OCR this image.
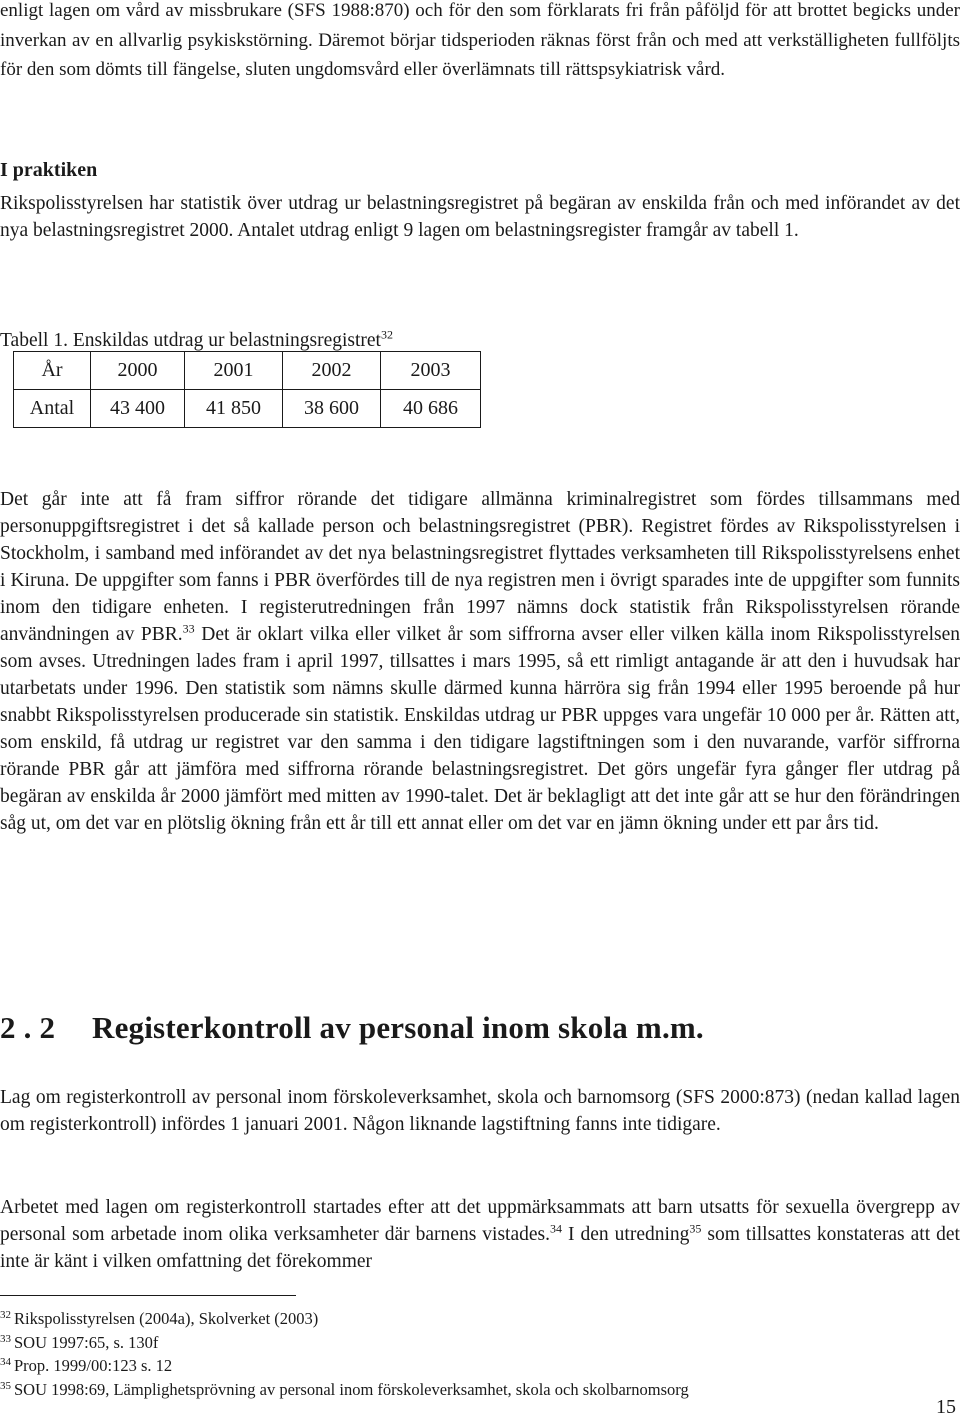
enligt lagen om vård av missbrukare (SFS 1988:870) och för den som förklarats fri från påföljd för att brottet begicks under inverkan av en allvarlig psykiskstörning. Däremot börjar tidsperioden räknas först från och med att verkställigheten fullföljts för den som dömts till fängelse, sluten ungdomsvård eller överlämnats till rättspsykiatrisk vård.

I praktiken

Rikspolisstyrelsen har statistik över utdrag ur belastningsregistret på begäran av enskilda från och med införandet av det nya belastningsregistret 2000. Antalet utdrag enligt 9 lagen om belastningsregister framgår av tabell 1.

Tabell 1. Enskildas utdrag ur belastningsregistret$^{32}$

År	2000	2001	2002	2003
Antal	43 400	41 850	38 600	40 686

Det går inte att få fram siffror rörande det tidigare allmänna kriminalregistret som fördes tillsammans med personuppgiftsregistret i det så kallade person och belastningsregistret (PBR). Registret fördes av Rikspolisstyrelsen i Stockholm, i samband med införandet av det nya belastningsregistret flyttades verksamheten till Rikspolisstyrelsens enhet i Kiruna. De uppgifter som fanns i PBR överfördes till de nya registren men i övrigt sparades inte de uppgifter som funnits inom den tidigare enheten. I registerutredningen från 1997 nämns dock statistik från Rikspolisstyrelsen rörande användningen av PBR.$^{33}$ Det är oklart vilka eller vilket år som siffrorna avser eller vilken källa inom Rikspolisstyrelsen som avses. Utredningen lades fram i april 1997, tillsattes i mars 1995, så ett rimligt antagande är att den i huvudsak har utarbetats under 1996. Den statistik som nämns skulle därmed kunna härröra sig från 1994 eller 1995 beroende på hur snabbt Rikspolisstyrelsen producerade sin statistik. Enskildas utdrag ur PBR uppges vara ungefär 10 000 per år. Rätten att, som enskild, få utdrag ur registret var den samma i den tidigare lagstiftningen som i den nuvarande, varför siffrorna rörande PBR går att jämföra med siffrorna rörande belastningsregistret. Det görs ungefär fyra gånger fler utdrag på begäran av enskilda år 2000 jämfört med mitten av 1990-talet. Det är beklagligt att det inte går att se hur den förändringen såg ut, om det var en plötslig ökning från ett år till ett annat eller om det var en jämn ökning under ett par års tid.

2 . 2 Registerkontroll av personal inom skola m.m.

Lag om registerkontroll av personal inom förskoleverksamhet, skola och barnomsorg (SFS 2000:873) (nedan kallad lagen om registerkontroll) infördes 1 januari 2001. Någon liknande lagstiftning fanns inte tidigare.

Arbetet med lagen om registerkontroll startades efter att det uppmärksammats att barn utsatts för sexuella övergrepp av personal som arbetade inom olika verksamheter där barnens vistades.$^{34}$ I den utredning$^{35}$ som tillsattes konstateras att det inte är känt i vilken omfattning det förekommer

$^{32}$ Rikspolisstyrelsen (2004a), Skolverket (2003)

$^{33}$ SOU 1997:65, s. 130f

$^{34}$ Prop. 1999/00:123 s. 12

$^{35}$ SOU 1998:69, Lämplighetsprövning av personal inom förskoleverksamhet, skola och skolbarnomsorg

15
